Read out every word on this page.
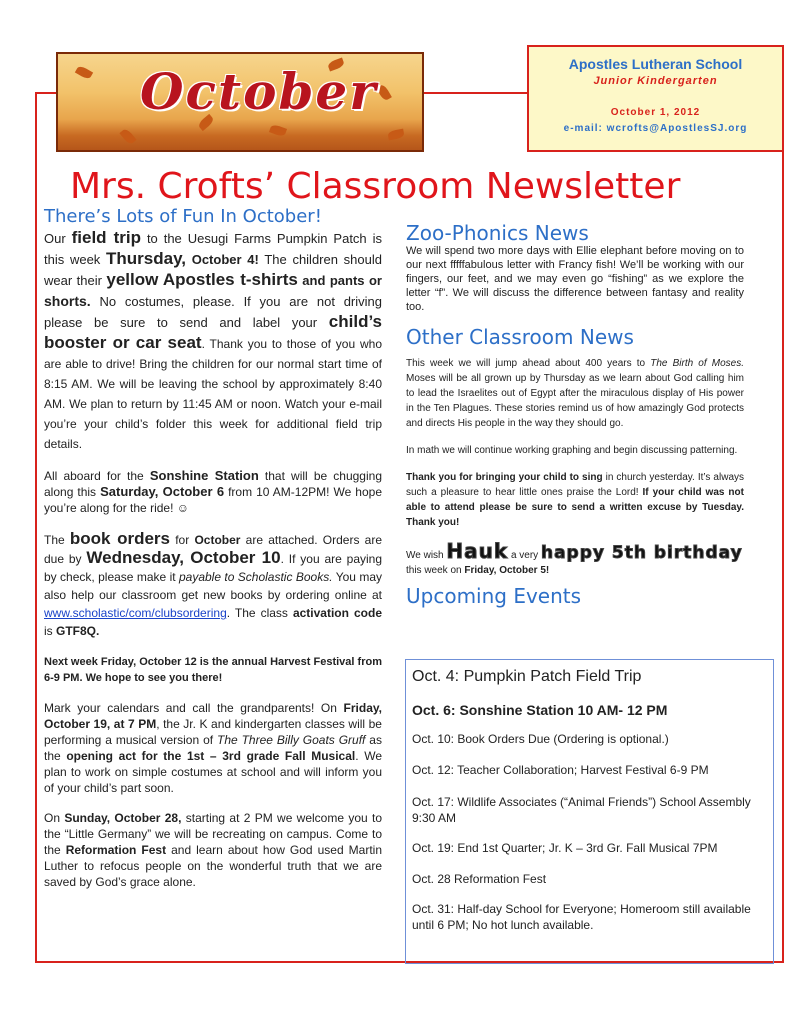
October	Apostles Lutheran School
Junior Kindergarten
October 1, 2012
e-mail: wcrofts@ApostlesSJ.org
Mrs. Crofts’ Classroom Newsletter
There’s Lots of Fun In October!

Our field trip to the Uesugi Farms Pumpkin Patch is this week Thursday, October 4! The children should wear their yellow Apostles t-shirts and pants or shorts. No costumes, please. If you are not driving please be sure to send and label your child’s booster or car seat. Thank you to those of you who are able to drive! Bring the children for our normal start time of 8:15 AM. We will be leaving the school by approximately 8:40 AM. We plan to return by 11:45 AM or noon. Watch your e-mail you’re your child’s folder this week for additional field trip details.

All aboard for the Sonshine Station that will be chugging along this Saturday, October 6 from 10 AM-12PM! We hope you’re along for the ride! ☺

The book orders for October are attached. Orders are due by Wednesday, October 10. If you are paying by check, please make it payable to Scholastic Books. You may also help our classroom get new books by ordering online at www.scholastic/com/clubsordering. The class activation code is GTF8Q.

Next week Friday, October 12 is the annual Harvest Festival from 6-9 PM. We hope to see you there!

Mark your calendars and call the grandparents! On Friday, October 19, at 7 PM, the Jr. K and kindergarten classes will be performing a musical version of The Three Billy Goats Gruff as the opening act for the 1st – 3rd grade Fall Musical. We plan to work on simple costumes at school and will inform you of your child’s part soon.

On Sunday, October 28, starting at 2 PM we welcome you to the “Little Germany” we will be recreating on campus. Come to the Reformation Fest and learn about how God used Martin Luther to refocus people on the wonderful truth that we are saved by God’s grace alone.

Zoo-Phonics News

We will spend two more days with Ellie elephant before moving on to our next fffffabulous letter with Francy fish! We’ll be working with our fingers, our feet, and we may even go “fishing” as we explore the letter “f”. We will discuss the difference between fantasy and reality too.

Other Classroom News

This week we will jump ahead about 400 years to The Birth of Moses. Moses will be all grown up by Thursday as we learn about God calling him to lead the Israelites out of Egypt after the miraculous display of His power in the Ten Plagues. These stories remind us of how amazingly God protects and directs His people in the way they should go.

In math we will continue working graphing and begin discussing patterning.

Thank you for bringing your child to sing in church yesterday. It’s always such a pleasure to hear little ones praise the Lord! If your child was not able to attend please be sure to send a written excuse by Tuesday. Thank you!

We wish Hauk a very happy 5th birthday
this week on Friday, October 5!
Upcoming Events

Oct. 4: Pumpkin Patch Field Trip

Oct. 6: Sonshine Station 10 AM- 12 PM

Oct. 10: Book Orders Due (Ordering is optional.)

Oct. 12: Teacher Collaboration; Harvest Festival 6-9 PM

Oct. 17: Wildlife Associates (“Animal Friends”) School Assembly 9:30 AM

Oct. 19: End 1st Quarter; Jr. K – 3rd Gr. Fall Musical 7PM

Oct. 28 Reformation Fest

Oct. 31: Half-day School for Everyone; Homeroom still available until 6 PM; No hot lunch available.
